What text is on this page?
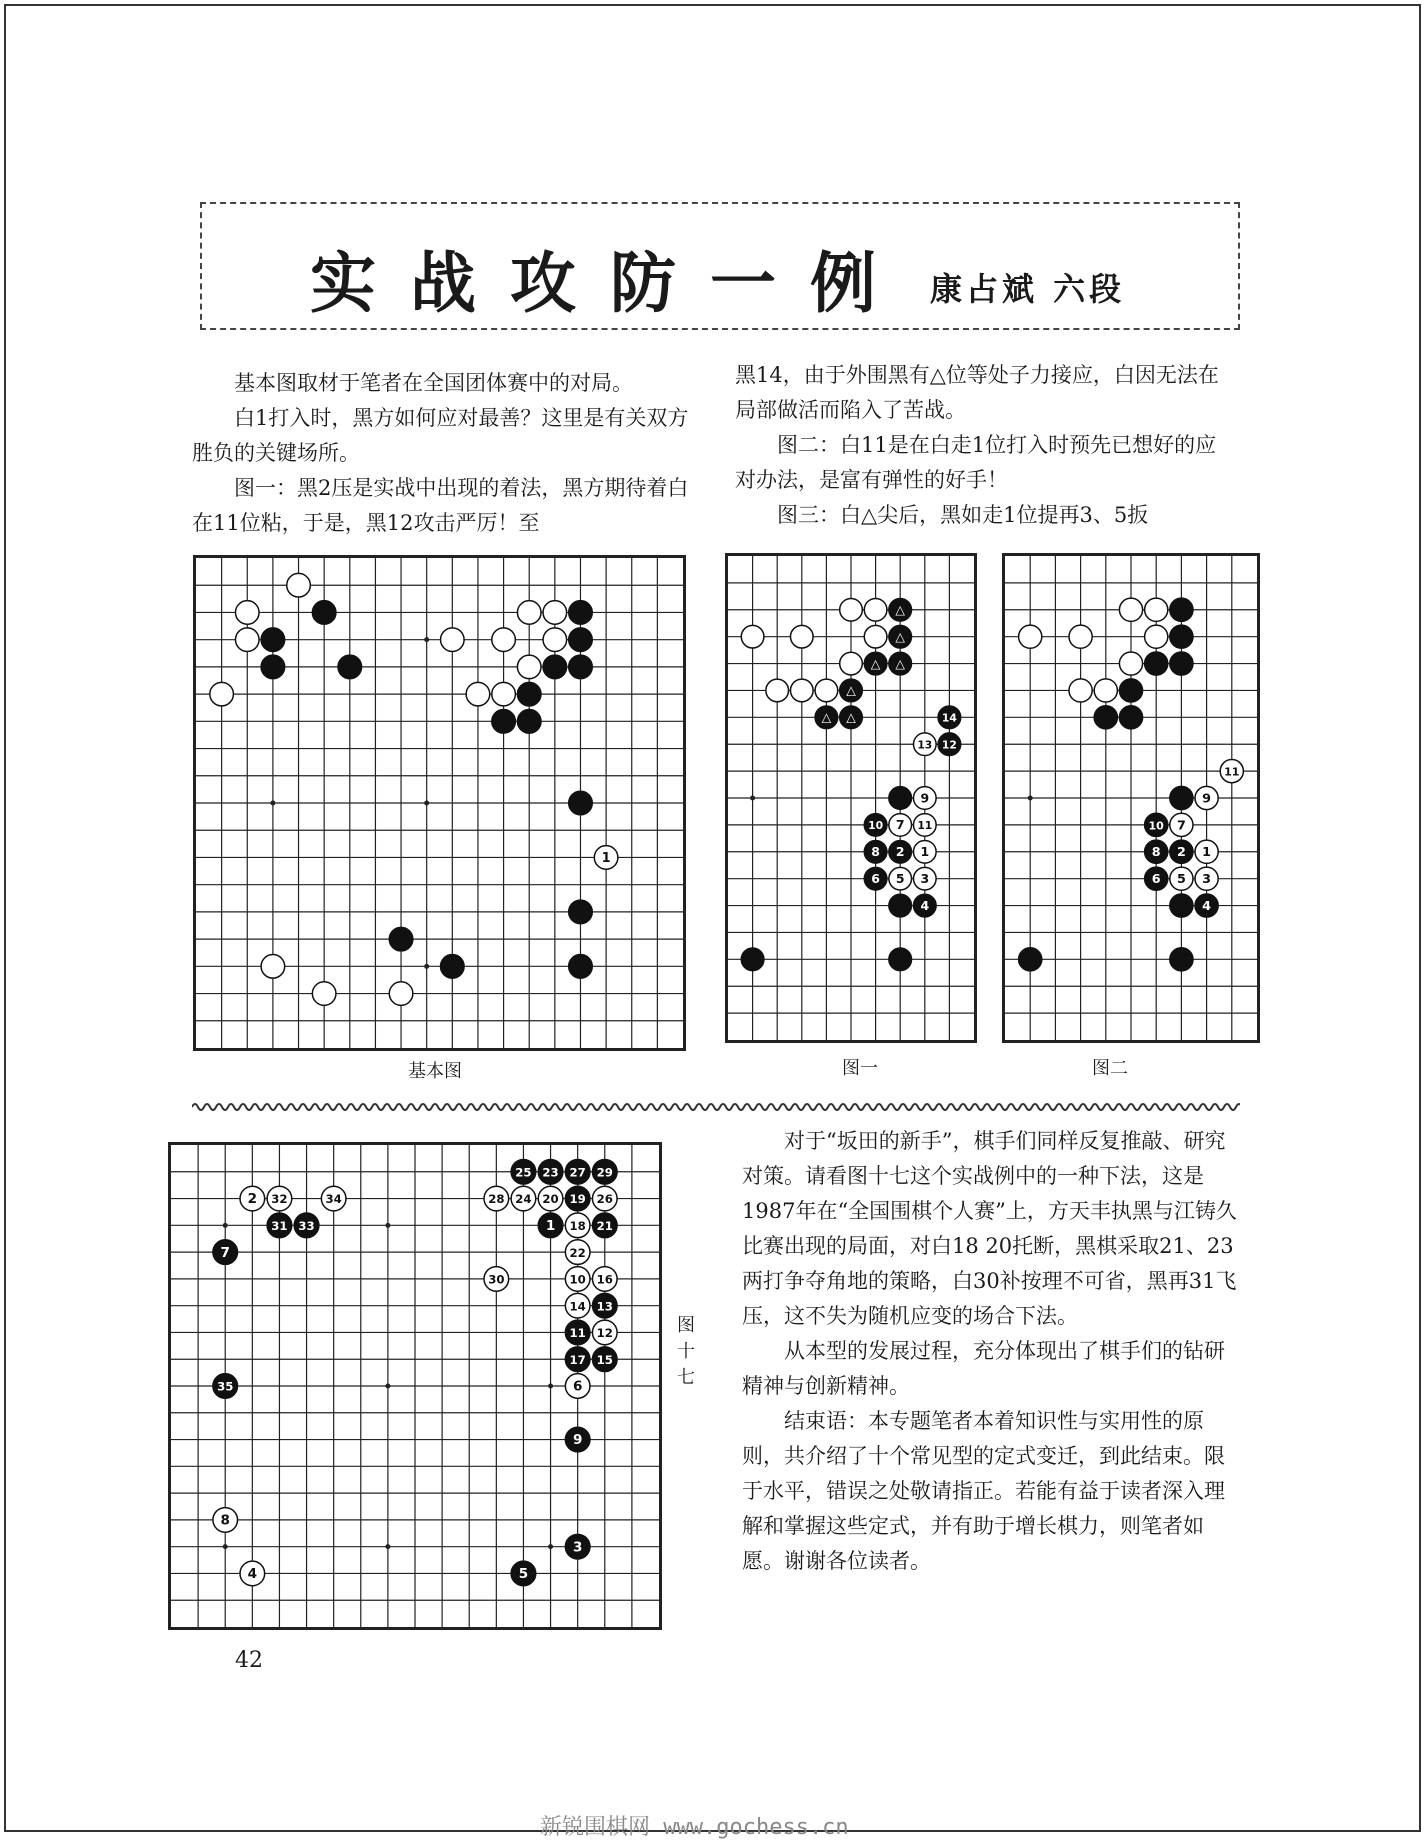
实战攻防一例 康占斌 六段

基本图取材于笔者在全国团体赛中的对局。

白1打入时，黑方如何应对最善？这里是有关双方胜负的关键场所。

图一：黑2压是实战中出现的着法，黑方期待着白在11位粘，于是，黑12攻击严厉！至

黑14，由于外围黑有△位等处子力接应，白因无法在局部做活而陷入了苦战。

图二：白11是在白走1位打入时预先已想好的应对办法，是富有弹性的好手！

图三：白△尖后，黑如走1位提再3、5扳

1
基本图
△
△
△ △
△
△ △	14
13 12
9
10 7 11
8 2 1
6 5 3
4
图一
11
9
10 7
8 2 1
6 5 3
4
图二
25 23 27 29
28 24 20 19 26
2 32	34
31 33	1 18 21
7	22
30	10 16
14 13
11 12
17 15
35	6
9
8
3
4	5
图
十
七

对于“坂田的新手”，棋手们同样反复推敲、研究对策。请看图十七这个实战例中的一种下法，这是1987年在“全国围棋个人赛”上，方天丰执黑与江铸久比赛出现的局面，对白18 20托断，黑棋采取21、23两打争夺角地的策略，白30补按理不可省，黑再31飞压，这不失为随机应变的场合下法。

从本型的发展过程，充分体现出了棋手们的钻研精神与创新精神。

结束语：本专题笔者本着知识性与实用性的原则，共介绍了十个常见型的定式变迁，到此结束。限于水平，错误之处敬请指正。若能有益于读者深入理解和掌握这些定式，并有助于增长棋力，则笔者如愿。谢谢各位读者。

42
新锐围棋网 www.gochess.cn
